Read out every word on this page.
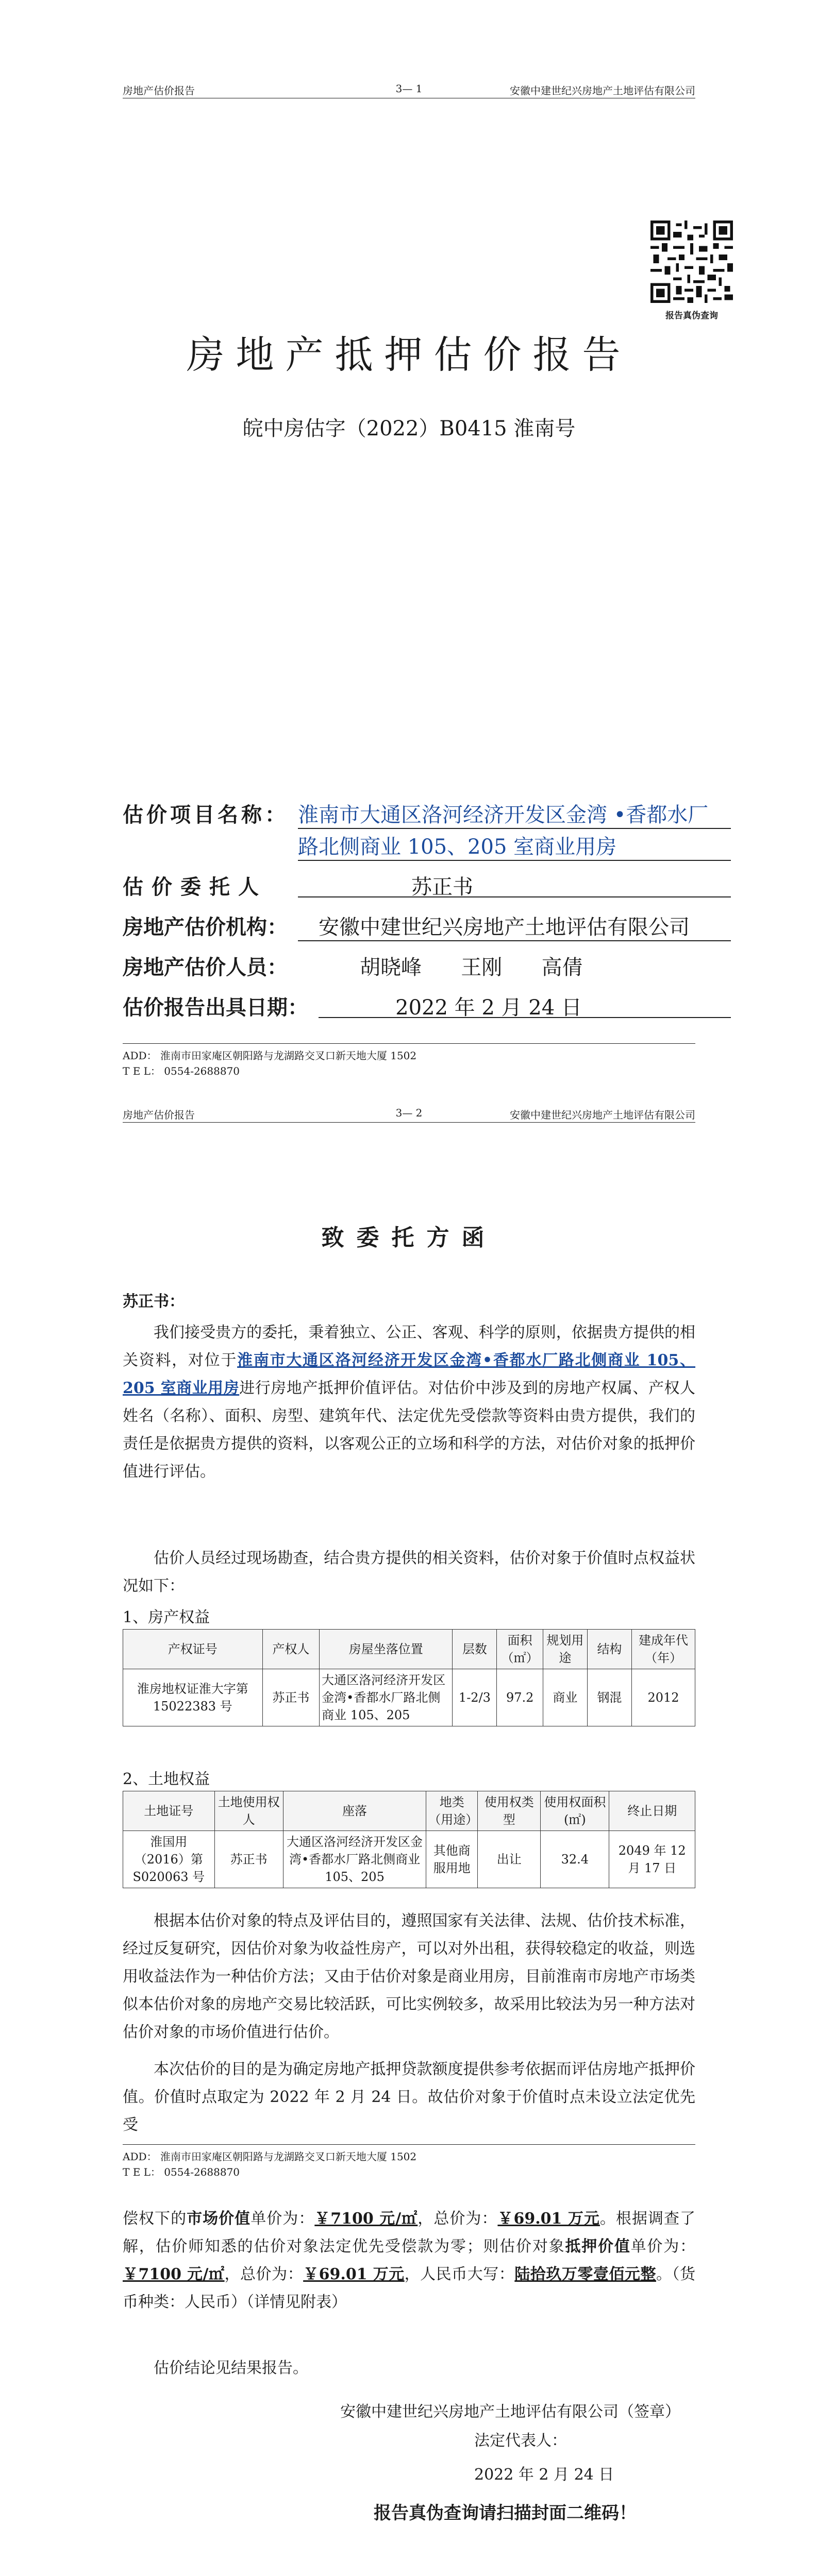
房地产估价报告	3— 1	安徽中建世纪兴房地产土地评估有限公司
报告真伪查询
房地产抵押估价报告
皖中房估字（2022）B0415 淮南号
估价项目名称： 淮南市大通区洛河经济开发区金湾 •香都水厂
路北侧商业 105、205 室商业用房
估价委托人	苏正书
房地产估价机构：	安徽中建世纪兴房地产土地评估有限公司
房地产估价人员：	胡晓峰      王刚      高倩
估价报告出具日期：	2022 年 2 月 24 日
ADD： 淮南市田家庵区朝阳路与龙湖路交叉口新天地大厦 1502
T E L： 0554-2688870
房地产估价报告	3— 2	安徽中建世纪兴房地产土地评估有限公司
致委托方函
苏正书：
我们接受贵方的委托，秉着独立、公正、客观、科学的原则，依据贵方提供的相关资料，对位于淮南市大通区洛河经济开发区金湾•香都水厂路北侧商业 105、205 室商业用房进行房地产抵押价值评估。对估价中涉及到的房地产权属、产权人姓名（名称）、面积、房型、建筑年代、法定优先受偿款等资料由贵方提供，我们的责任是依据贵方提供的资料，以客观公正的立场和科学的方法，对估价对象的抵押价值进行评估。
估价人员经过现场勘查，结合贵方提供的相关资料，估价对象于价值时点权益状况如下：
1、房产权益
产权证号	产权人	房屋坐落位置	层数	面积（㎡）	规划用途	结构	建成年代（年）
淮房地权证淮大字第 15022383 号	苏正书	大通区洛河经济开发区金湾•香都水厂路北侧商业 105、205	1-2/3	97.2	商业	钢混	2012
2、土地权益
土地证号	土地使用权人	座落	地类（用途）	使用权类型	使用权面积(㎡)	终止日期
淮国用（2016）第 S020063 号	苏正书	大通区洛河经济开发区金湾•香都水厂路北侧商业 105、205	其他商服用地	出让	32.4	2049 年 12 月 17 日
根据本估价对象的特点及评估目的，遵照国家有关法律、法规、估价技术标准，经过反复研究，因估价对象为收益性房产，可以对外出租，获得较稳定的收益，则选用收益法作为一种估价方法；又由于估价对象是商业用房，目前淮南市房地产市场类似本估价对象的房地产交易比较活跃，可比实例较多，故采用比较法为另一种方法对估价对象的市场价值进行估价。
本次估价的目的是为确定房地产抵押贷款额度提供参考依据而评估房地产抵押价值。价值时点取定为 2022 年 2 月 24 日。故估价对象于价值时点未设立法定优先受
ADD： 淮南市田家庵区朝阳路与龙湖路交叉口新天地大厦 1502
T E L： 0554-2688870
偿权下的市场价值单价为：￥7100 元/㎡，总价为：￥69.01 万元。根据调查了解，估价师知悉的估价对象法定优先受偿款为零；则估价对象抵押价值单价为：￥7100 元/㎡，总价为：￥69.01 万元，人民币大写：陆拾玖万零壹佰元整。（货币种类：人民币）（详情见附表）
估价结论见结果报告。
安徽中建世纪兴房地产土地评估有限公司（签章）
法定代表人：
2022 年 2 月 24 日
报告真伪查询请扫描封面二维码！
